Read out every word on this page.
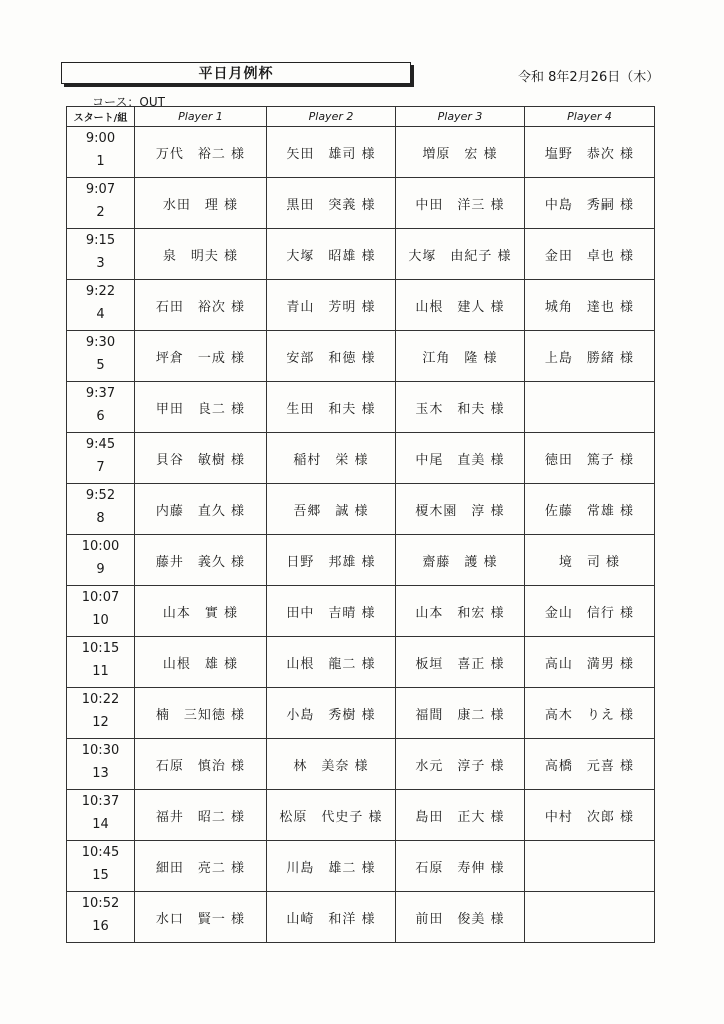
平日月例杯	令和 8年2月26日（木）
コース：OUT
スタート/組	Player 1	Player 2	Player 3	Player 4

9:00
1	万代　裕二 様	矢田　雄司 様	増原　宏 様	塩野　恭次 様

9:07
2	水田　理 様	黒田　突義 様	中田　洋三 様	中島　秀嗣 様

9:15
3	泉　明夫 様	大塚　昭雄 様	大塚　由紀子 様	金田　卓也 様

9:22
4	石田　裕次 様	青山　芳明 様	山根　建人 様	城角　達也 様

9:30
5	坪倉　一成 様	安部　和徳 様	江角　隆 様	上島　勝緒 様

9:37
6	甲田　良二 様	生田　和夫 様	玉木　和夫 様	

9:45
7	貝谷　敏樹 様	稲村　栄 様	中尾　直美 様	徳田　篤子 様

9:52
8	内藤　直久 様	吾郷　誠 様	榎木園　淳 様	佐藤　常雄 様

10:00
9	藤井　義久 様	日野　邦雄 様	齋藤　護 様	境　司 様

10:07
10	山本　實 様	田中　吉晴 様	山本　和宏 様	金山　信行 様

10:15
11	山根　雄 様	山根　龍二 様	板垣　喜正 様	高山　満男 様

10:22
12	楠　三知徳 様	小島　秀樹 様	福間　康二 様	高木　りえ 様

10:30
13	石原　慎治 様	林　美奈 様	水元　淳子 様	高橋　元喜 様

10:37
14	福井　昭二 様	松原　代史子 様	島田　正大 様	中村　次郎 様

10:45
15	細田　亮二 様	川島　雄二 様	石原　寿伸 様	

10:52
16	水口　賢一 様	山崎　和洋 様	前田　俊美 様	
